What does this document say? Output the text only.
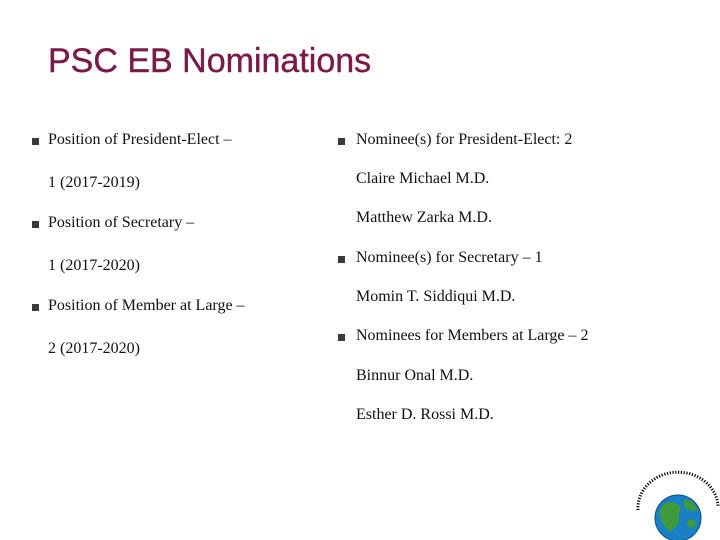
PSC EB Nominations
Position of President-Elect –
1 (2017-2019)
Position of Secretary –
1 (2017-2020)
Position of Member at Large –
2 (2017-2020)
Nominee(s) for President-Elect: 2
Claire Michael M.D.
Matthew Zarka M.D.
Nominee(s) for Secretary – 1
Momin T. Siddiqui M.D.
Nominees for Members at Large – 2
Binnur Onal M.D.
Esther D. Rossi M.D.
